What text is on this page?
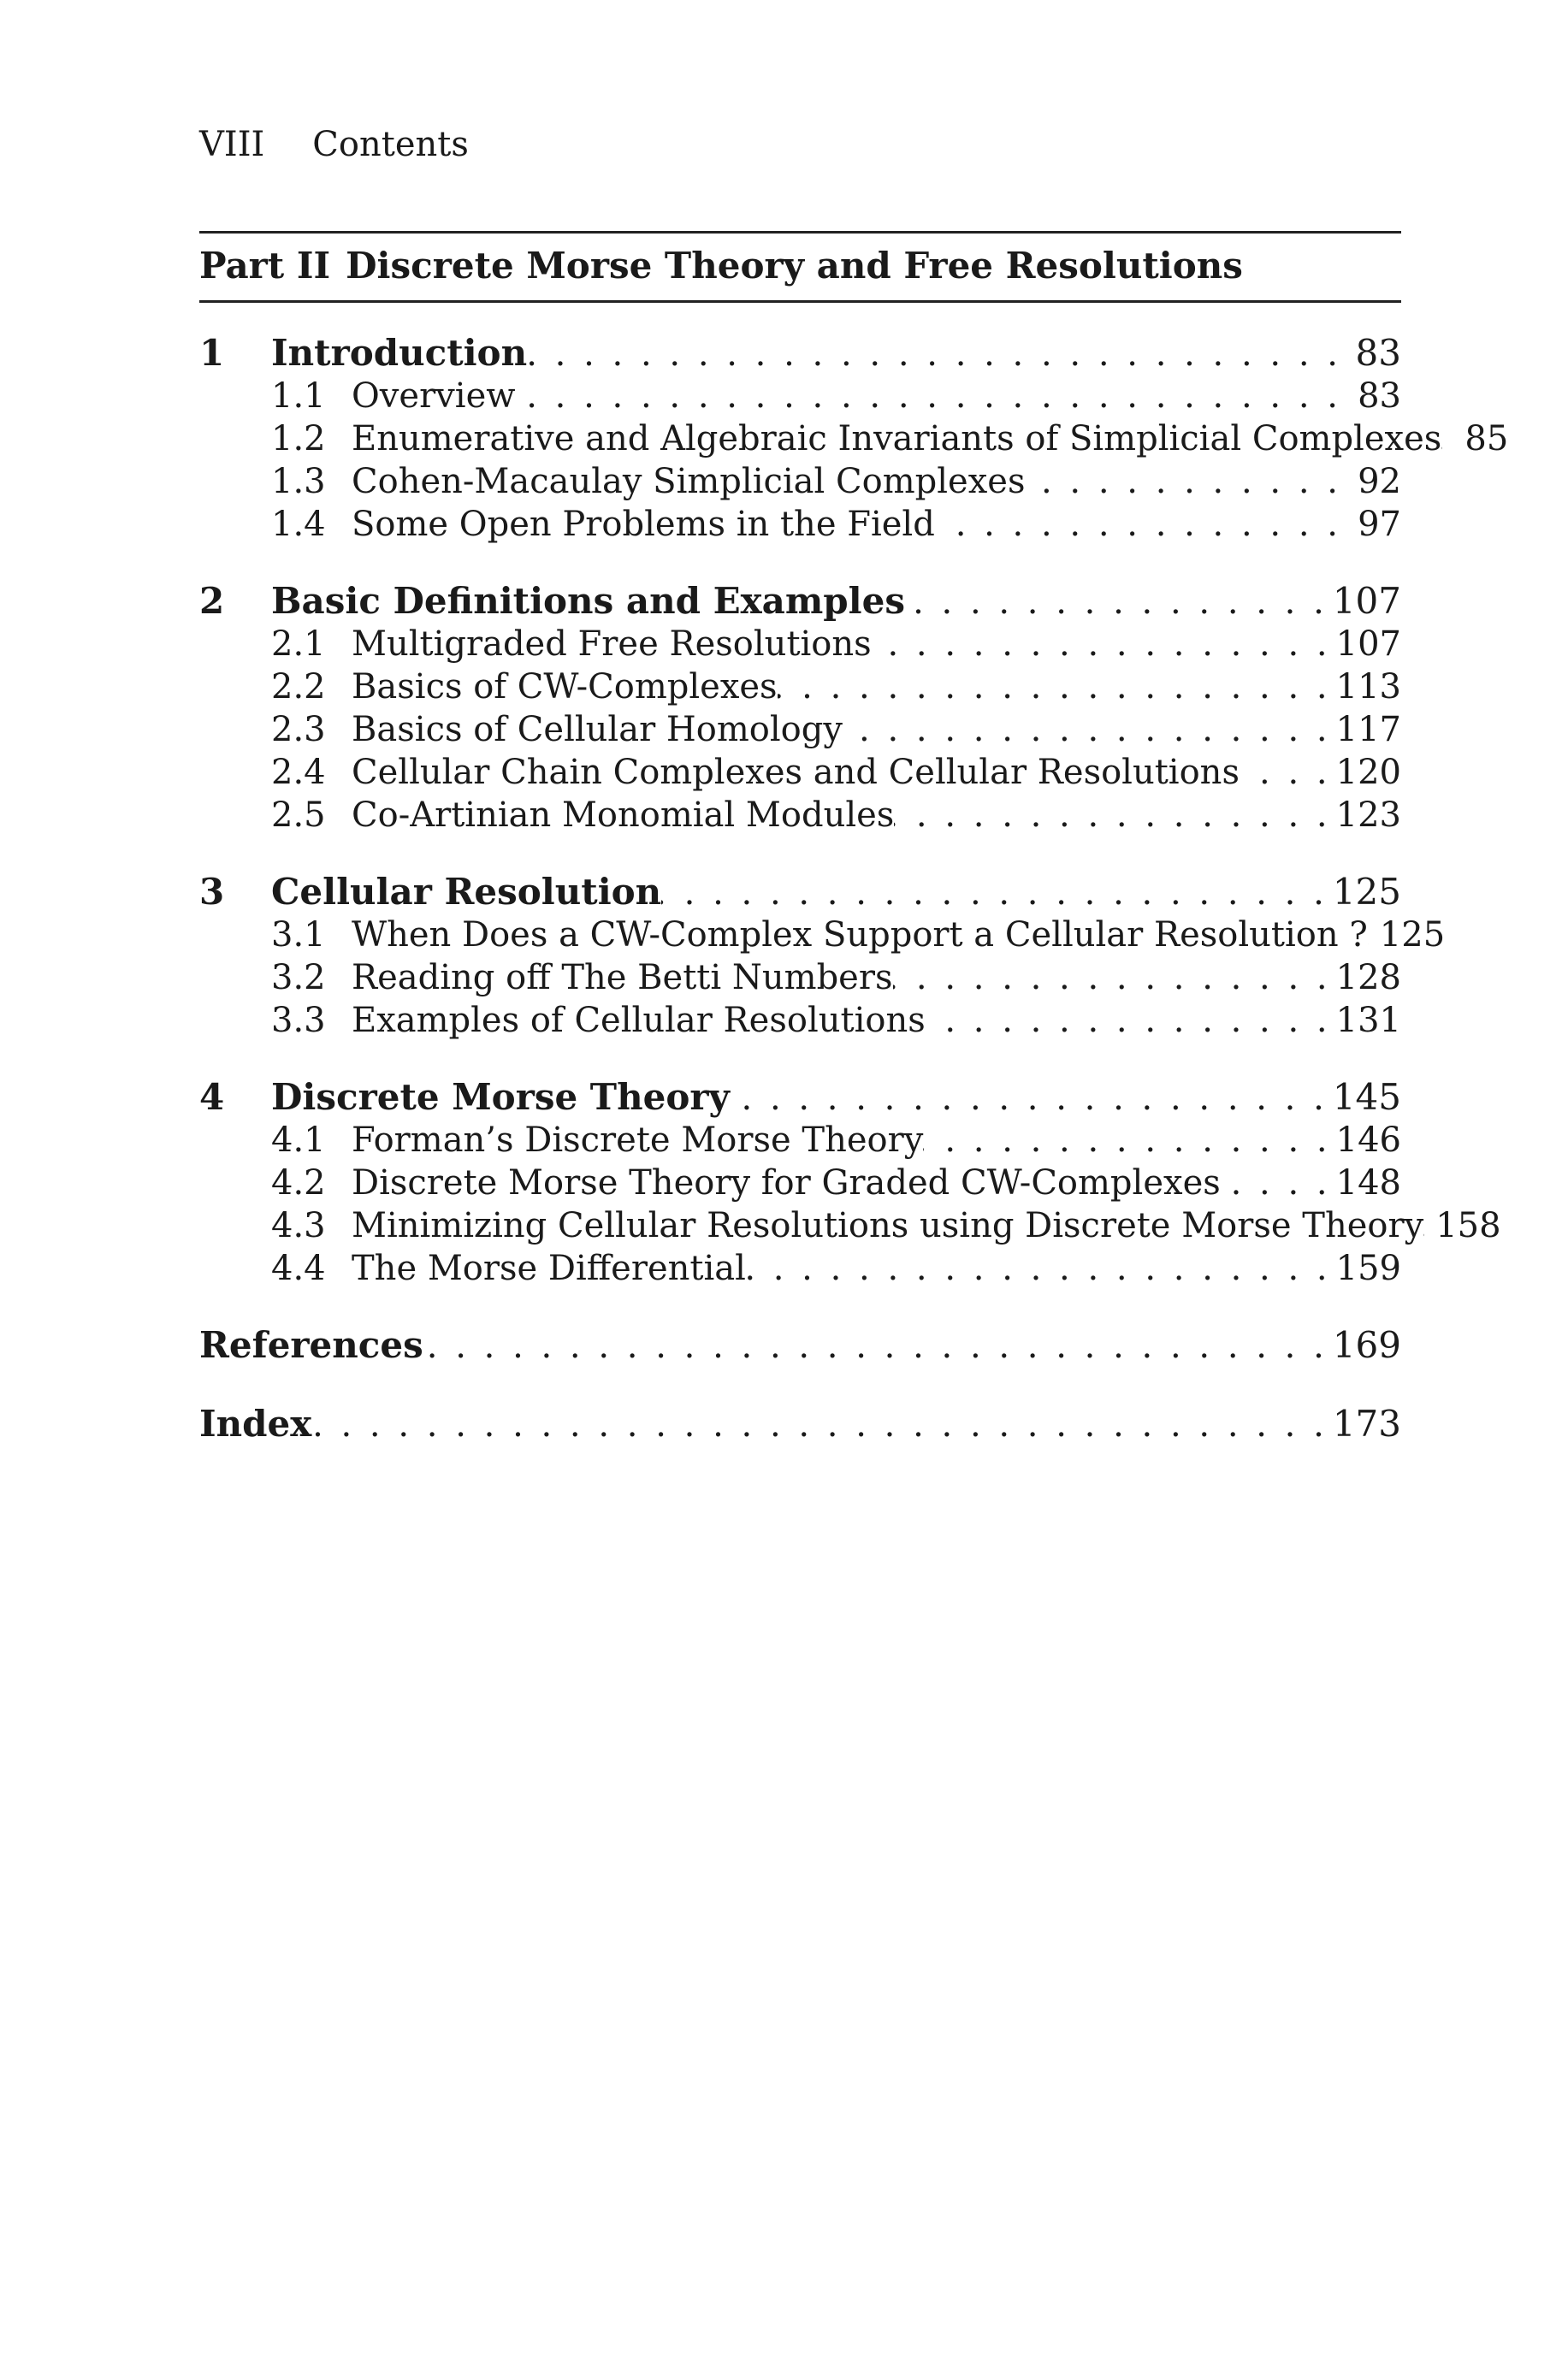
VIII Contents
Part II Discrete Morse Theory and Free Resolutions
1	Introduction . . .	83
1.1 Overview . . .	83
1.2 Enumerative and Algebraic Invariants of Simplicial Complexes . . . 85
1.3 Cohen-Macaulay Simplicial Complexes . . .	92
1.4 Some Open Problems in the Field . . .	97
2	Basic Definitions and Examples . . .	107
2.1 Multigraded Free Resolutions . . .	107
2.2 Basics of CW-Complexes . . .	113
2.3 Basics of Cellular Homology . . .	117
2.4 Cellular Chain Complexes and Cellular Resolutions . . .	120
2.5 Co-Artinian Monomial Modules . . .	123
3	Cellular Resolution . . .	125
3.1 When Does a CW-Complex Support a Cellular Resolution ? . . . 125
3.2 Reading off The Betti Numbers . . .	128
3.3 Examples of Cellular Resolutions . . .	131
4	Discrete Morse Theory . . .	145
4.1 Forman’s Discrete Morse Theory . . .	146
4.2 Discrete Morse Theory for Graded CW-Complexes . . .	148
4.3 Minimizing Cellular Resolutions using Discrete Morse Theory . . . 158
4.4 The Morse Differential . . .	159
References . . .	169
Index . . .	173
